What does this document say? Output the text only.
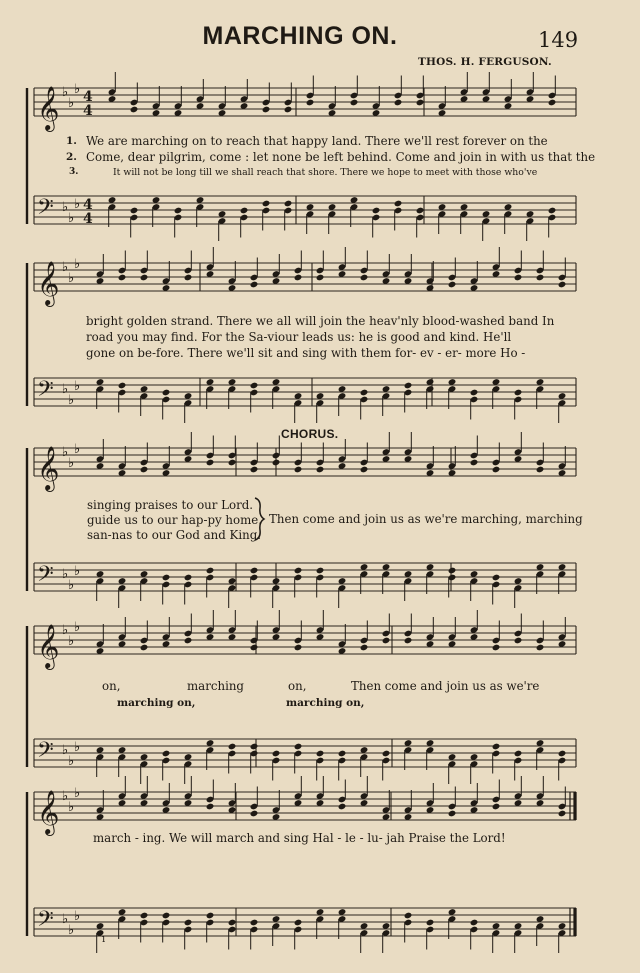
𝄞 ♭
♭
♭ 4
4
𝄢 ♭
♭
♭ 4
4
𝄞 ♭
♭
♭
𝄢 ♭
♭
♭
𝄞 ♭
♭
♭
𝄢 ♭
♭
♭
𝄞 ♭
♭
♭
𝄢 ♭
♭
♭
𝄞 ♭
♭
♭
𝄢 ♭
♭
♭
MARCHING ON.	149
THOS. H. FERGUSON.
1. We are marching on to reach that happy land. There we'll rest forever on the
2. Come, dear pilgrim, come : let none be left behind. Come and join in with us that the
3.	It will not be long till we shall reach that shore. There we hope to meet with those who've
bright golden strand. There we all will join the heav'nly blood-washed band In
road you may find. For the Sa-viour leads us: he is good and kind. He'll
gone on be-fore. There we'll sit and sing with them for- ev - er- more Ho -
CHORUS.
singing praises to our Lord.
guide us to our hap-py home.
san-nas to our God and King.
Then come and join us as we're marching, marching
on,	marching	on,	Then come and join us as we're
marching on,	marching on,
march - ing. We will march and sing Hal - le - lu- jah Praise the Lord!
ı
